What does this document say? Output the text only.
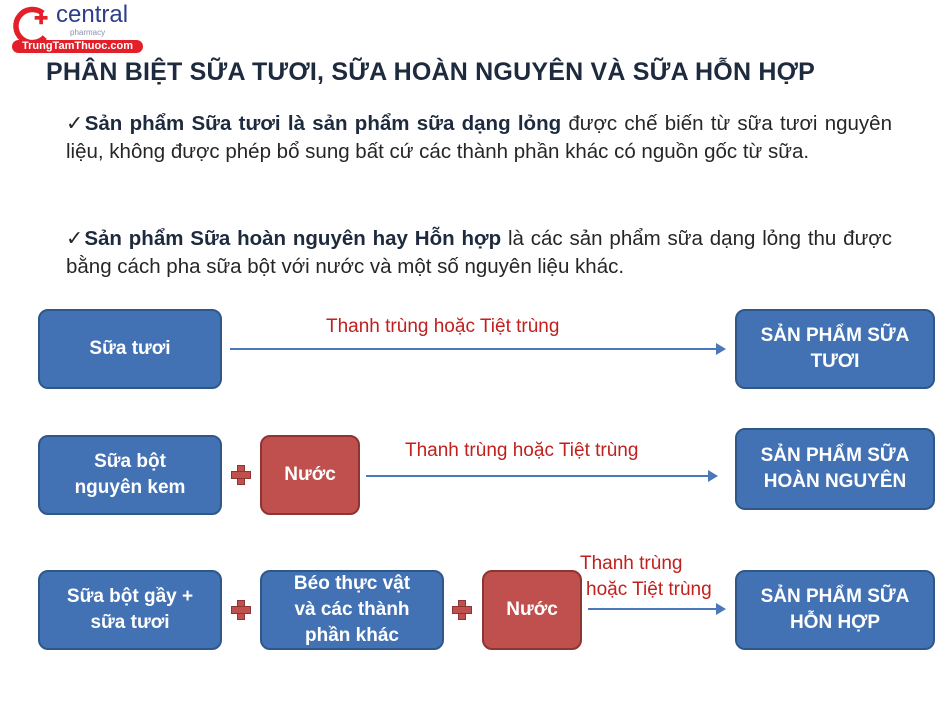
central
pharmacy
TrungTamThuoc.com
PHÂN BIỆT SỮA TƯƠI, SỮA HOÀN NGUYÊN VÀ SỮA HỖN HỢP
✓Sản phẩm Sữa tươi là sản phẩm sữa dạng lỏng được chế biến từ sữa tươi nguyên liệu, không được phép bổ sung bất cứ các thành phần khác có nguồn gốc từ sữa.
✓Sản phẩm Sữa hoàn nguyên hay Hỗn hợp là các sản phẩm sữa dạng lỏng thu được bằng cách pha sữa bột với nước và một số nguyên liệu khác.
Sữa tươi
Thanh trùng hoặc Tiệt trùng	SẢN PHẨM SỮA TƯƠI
Sữa bột nguyên kem
Nước
Thanh trùng hoặc Tiệt trùng	SẢN PHẨM SỮA HOÀN NGUYÊN
Sữa bột gầy + sữa tươi
Béo thực vật và các thành phần khác
Nước
Thanh trùng
hoặc Tiệt trùng	SẢN PHẨM SỮA HỖN HỢP
